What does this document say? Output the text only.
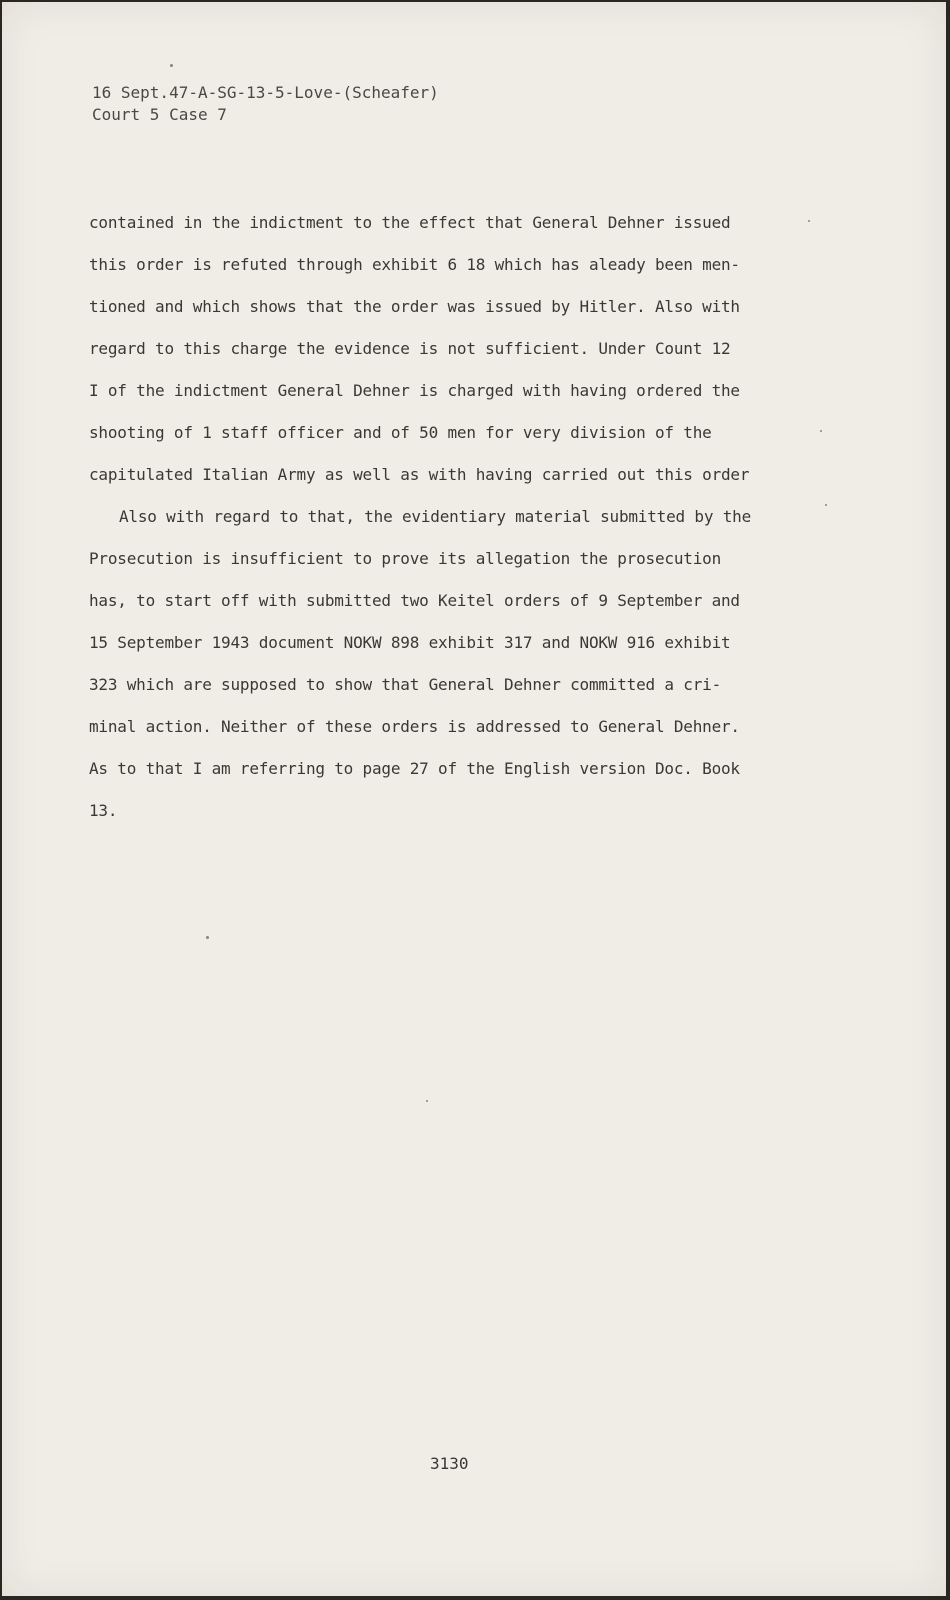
16 Sept.47-A-SG-13-5-Love-(Scheafer)
Court 5 Case 7
contained in the indictment to the effect that General Dehner issued
this order is refuted through exhibit 6 18 which has aleady been men-
tioned and which shows that the order was issued by Hitler. Also with
regard to this charge the evidence is not sufficient. Under Count 12
I of the indictment General Dehner is charged with having ordered the
shooting of 1 staff officer and of 50 men for very division of the
capitulated Italian Army as well as with having carried out this order
Also with regard to that, the evidentiary material submitted by the
Prosecution is insufficient to prove its allegation the prosecution
has, to start off with submitted two Keitel orders of 9 September and
15 September 1943 document NOKW 898 exhibit 317 and NOKW 916 exhibit
323 which are supposed to show that General Dehner committed a cri-
minal action. Neither of these orders is addressed to General Dehner.
As to that I am referring to page 27 of the English version Doc. Book
13.
3130
